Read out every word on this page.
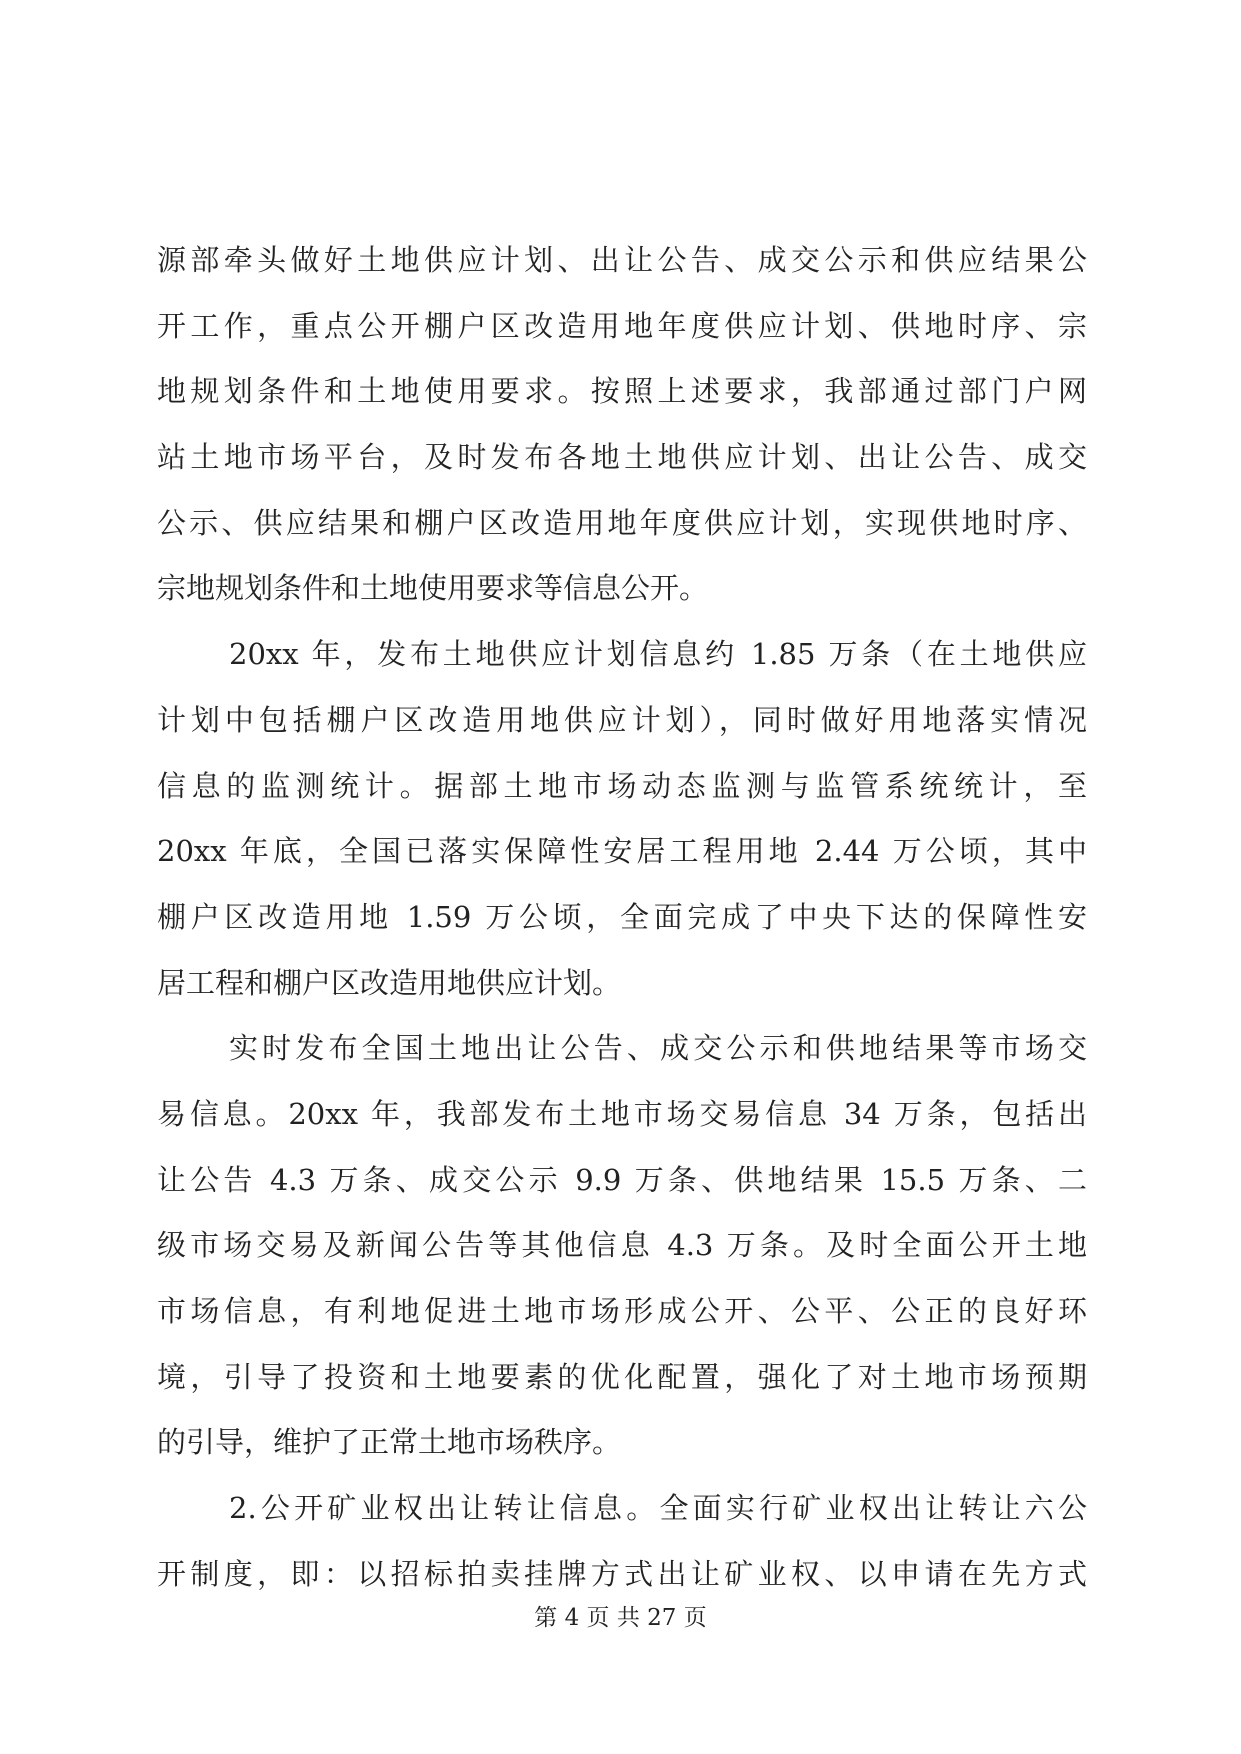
源部牵头做好土地供应计划、出让公告、成交公示和供应结果公
开工作，重点公开棚户区改造用地年度供应计划、供地时序、宗
地规划条件和土地使用要求。按照上述要求，我部通过部门户网
站土地市场平台，及时发布各地土地供应计划、出让公告、成交
公示、供应结果和棚户区改造用地年度供应计划，实现供地时序、
宗地规划条件和土地使用要求等信息公开。
20xx 年，发布土地供应计划信息约 1.85 万条（在土地供应
计划中包括棚户区改造用地供应计划），同时做好用地落实情况
信息的监测统计。据部土地市场动态监测与监管系统统计，至
20xx 年底，全国已落实保障性安居工程用地 2.44 万公顷，其中
棚户区改造用地 1.59 万公顷，全面完成了中央下达的保障性安
居工程和棚户区改造用地供应计划。
实时发布全国土地出让公告、成交公示和供地结果等市场交
易信息。20xx 年，我部发布土地市场交易信息 34 万条，包括出
让公告 4.3 万条、成交公示 9.9 万条、供地结果 15.5 万条、二
级市场交易及新闻公告等其他信息 4.3 万条。及时全面公开土地
市场信息，有利地促进土地市场形成公开、公平、公正的良好环
境，引导了投资和土地要素的优化配置，强化了对土地市场预期
的引导，维护了正常土地市场秩序。
2.公开矿业权出让转让信息。全面实行矿业权出让转让六公
开制度，即：以招标拍卖挂牌方式出让矿业权、以申请在先方式
第 4 页 共 27 页
